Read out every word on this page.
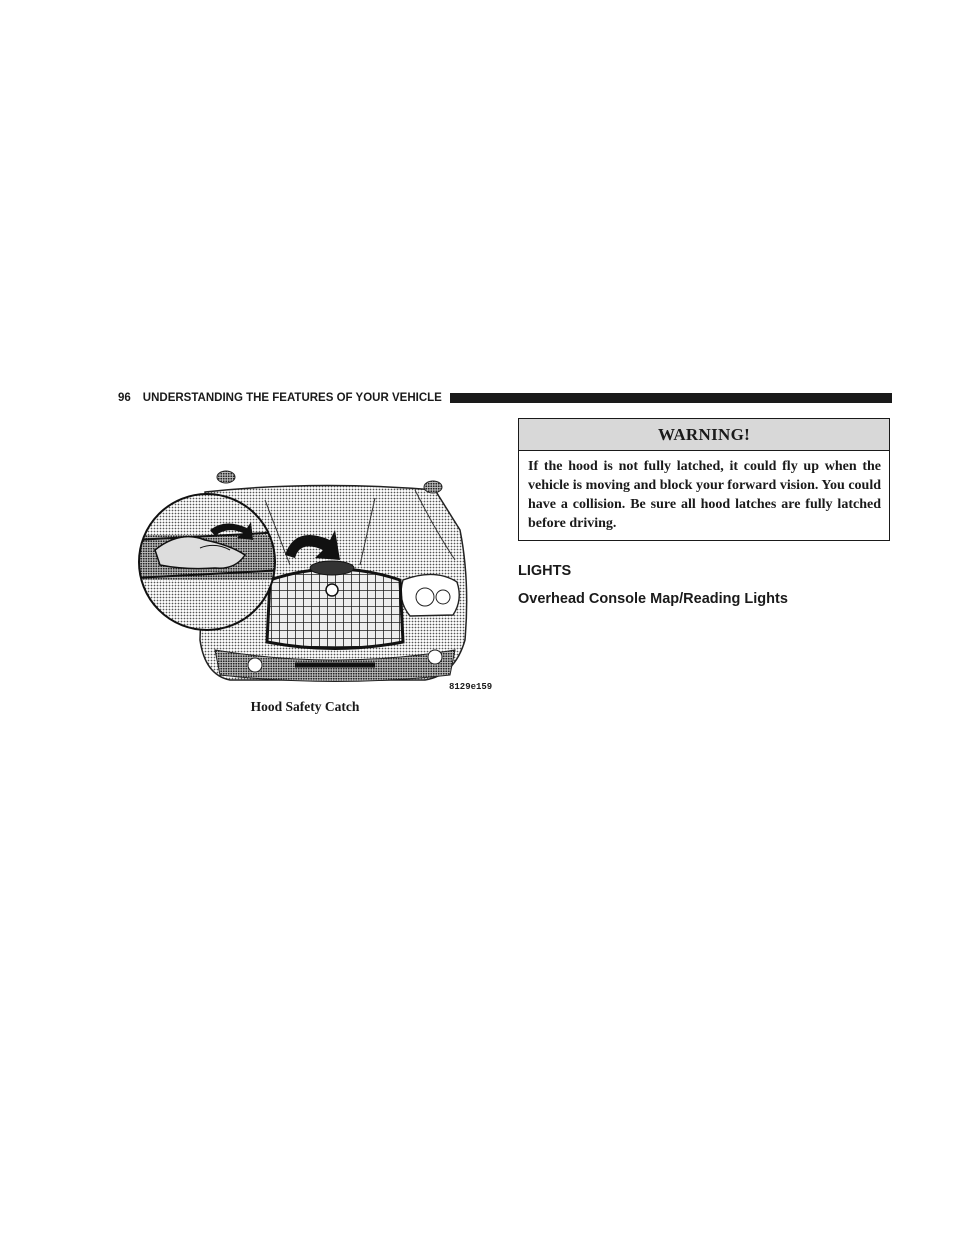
96 UNDERSTANDING THE FEATURES OF YOUR VEHICLE
8129e159
Hood Safety Catch
WARNING!
If the hood is not fully latched, it could fly up when the vehicle is moving and block your forward vision. You could have a collision. Be sure all hood latches are fully latched before driving.
LIGHTS
Overhead Console Map/Reading Lights
